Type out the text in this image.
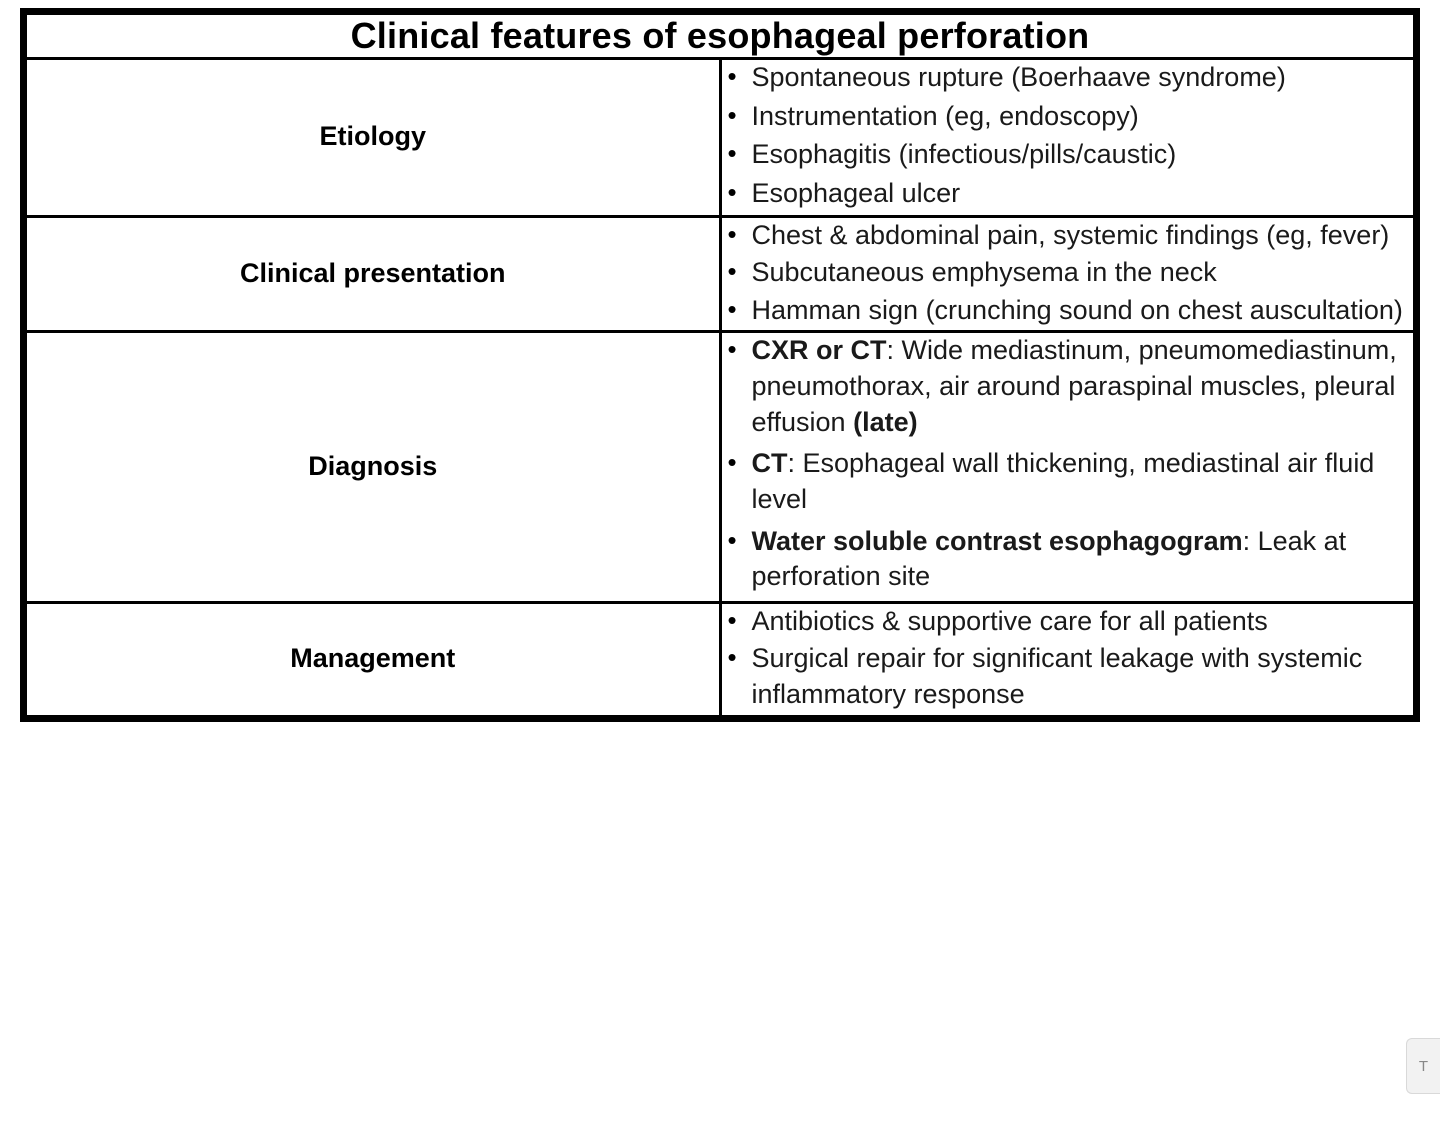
Clinical features of esophageal perforation	
Etiology	
• Spontaneous rupture (Boerhaave syndrome)
• Instrumentation (eg, endoscopy)
• Esophagitis (infectious/pills/caustic)
• Esophageal ulcer

Clinical presentation	
• Chest & abdominal pain, systemic findings (eg, fever)
• Subcutaneous emphysema in the neck
• Hamman sign (crunching sound on chest auscultation)

Diagnosis	
• CXR or CT: Wide mediastinum, pneumomediastinum, pneumothorax, air around paraspinal muscles, pleural effusion (late)
• CT: Esophageal wall thickening, mediastinal air fluid level
• Water soluble contrast esophagogram: Leak at perforation site

Management	
• Antibiotics & supportive care for all patients
• Surgical repair for significant leakage with systemic inflammatory response
T
